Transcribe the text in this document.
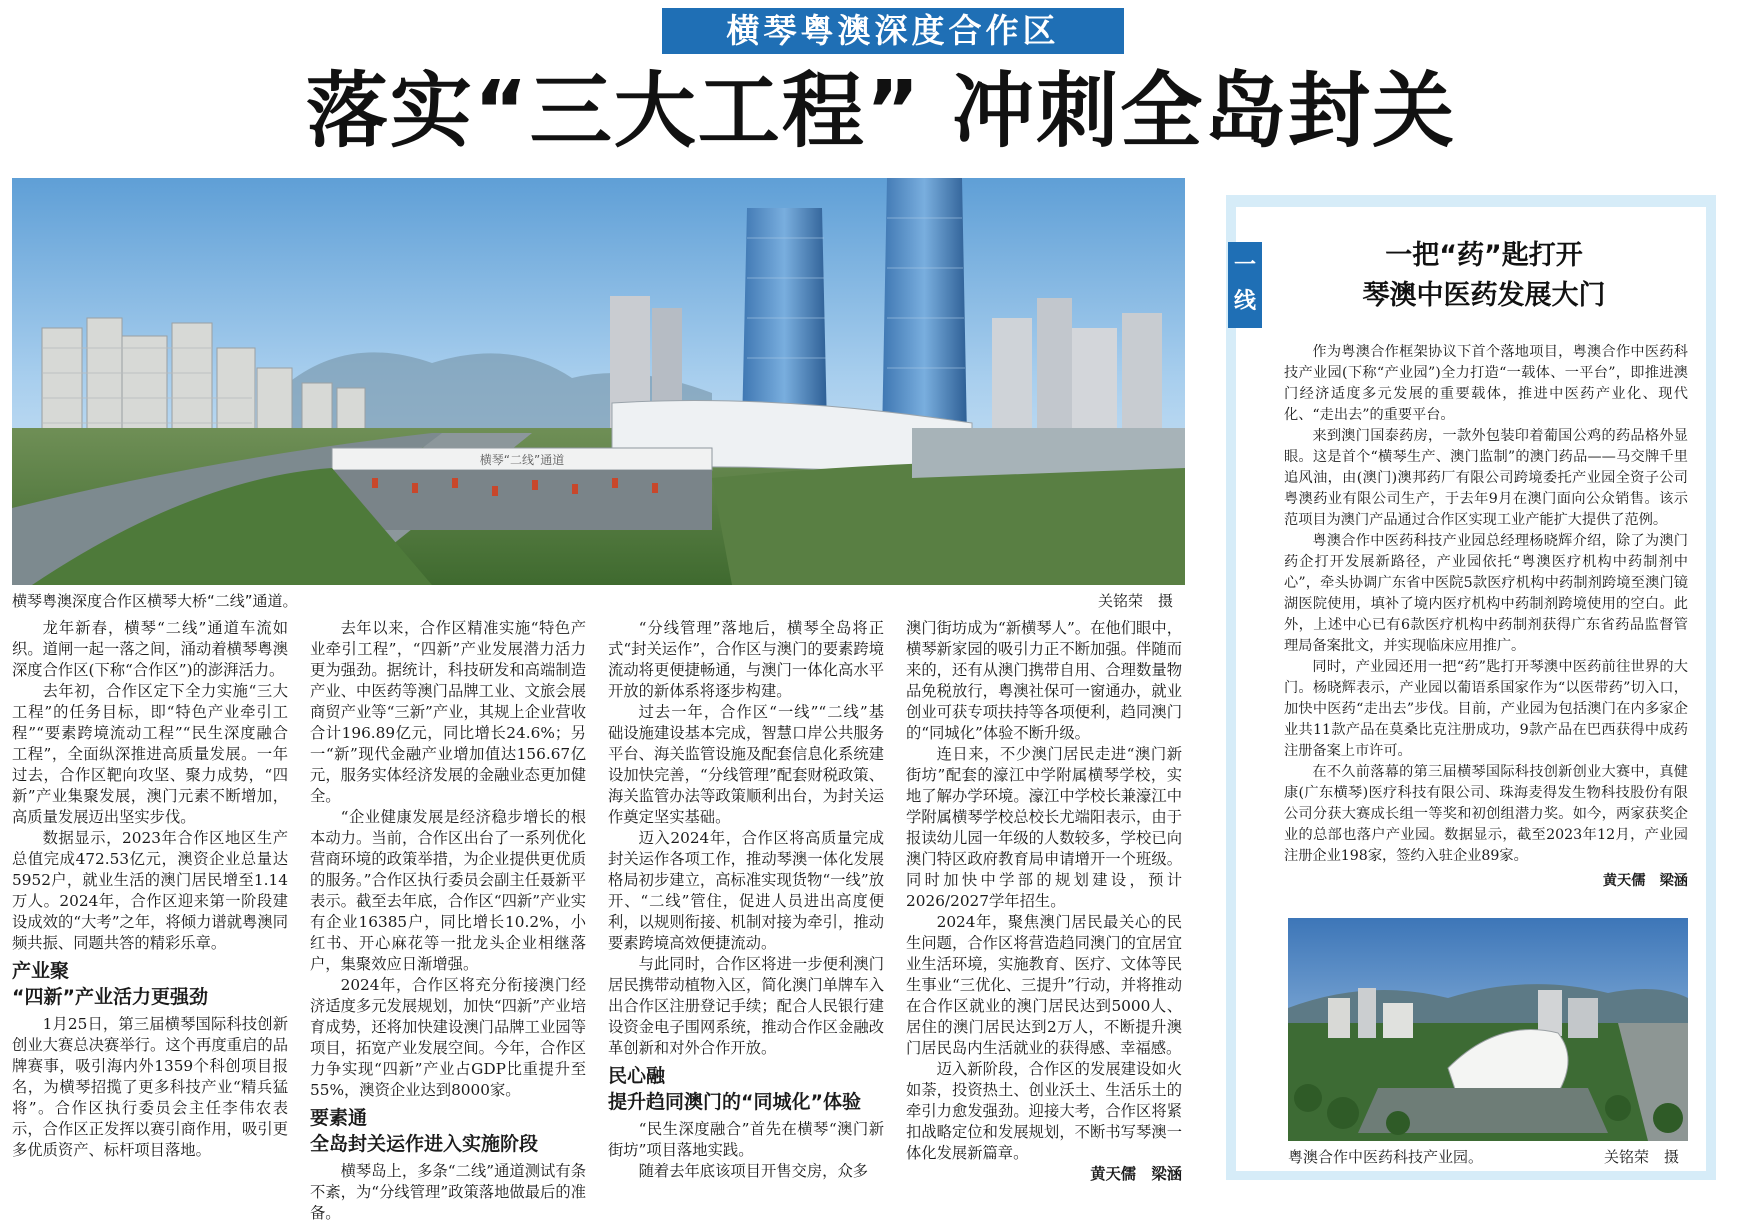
横琴粤澳深度合作区
落实“三大工程” 冲刺全岛封关
横琴“二线”通道
横琴粤澳深度合作区横琴大桥“二线”通道。	关铭荣　摄

龙年新春，横琴“二线”通道车流如织。道闸一起一落之间，涌动着横琴粤澳深度合作区(下称“合作区”)的澎湃活力。

去年初，合作区定下全力实施“三大工程”的任务目标，即“特色产业牵引工程”“要素跨境流动工程”“民生深度融合工程”，全面纵深推进高质量发展。一年过去，合作区靶向攻坚、聚力成势，“四新”产业集聚发展，澳门元素不断增加，高质量发展迈出坚实步伐。

数据显示，2023年合作区地区生产总值完成472.53亿元，澳资企业总量达5952户，就业生活的澳门居民增至1.14万人。2024年，合作区迎来第一阶段建设成效的“大考”之年，将倾力谱就粤澳同频共振、同题共答的精彩乐章。

产业聚
“四新”产业活力更强劲

1月25日，第三届横琴国际科技创新创业大赛总决赛举行。这个再度重启的品牌赛事，吸引海内外1359个科创项目报名，为横琴招揽了更多科技产业“精兵猛将”。合作区执行委员会主任李伟农表示，合作区正发挥以赛引商作用，吸引更多优质资产、标杆项目落地。

去年以来，合作区精准实施“特色产业牵引工程”，“四新”产业发展潜力活力更为强劲。据统计，科技研发和高端制造产业、中医药等澳门品牌工业、文旅会展商贸产业等“三新”产业，其规上企业营收合计196.89亿元，同比增长24.6%；另一“新”现代金融产业增加值达156.67亿元，服务实体经济发展的金融业态更加健全。

“企业健康发展是经济稳步增长的根本动力。当前，合作区出台了一系列优化营商环境的政策举措，为企业提供更优质的服务。”合作区执行委员会副主任聂新平表示。截至去年底，合作区“四新”产业实有企业16385户，同比增长10.2%，小红书、开心麻花等一批龙头企业相继落户，集聚效应日渐增强。

2024年，合作区将充分衔接澳门经济适度多元发展规划，加快“四新”产业培育成势，还将加快建设澳门品牌工业园等项目，拓宽产业发展空间。今年，合作区力争实现“四新”产业占GDP比重提升至55%，澳资企业达到8000家。

要素通
全岛封关运作进入实施阶段

横琴岛上，多条“二线”通道测试有条不紊，为“分线管理”政策落地做最后的准备。

“分线管理”落地后，横琴全岛将正式“封关运作”，合作区与澳门的要素跨境流动将更便捷畅通，与澳门一体化高水平开放的新体系将逐步构建。

过去一年，合作区“一线”“二线”基础设施建设基本完成，智慧口岸公共服务平台、海关监管设施及配套信息化系统建设加快完善，“分线管理”配套财税政策、海关监管办法等政策顺利出台，为封关运作奠定坚实基础。

迈入2024年，合作区将高质量完成封关运作各项工作，推动琴澳一体化发展格局初步建立，高标准实现货物“一线”放开、“二线”管住，促进人员进出高度便利，以规则衔接、机制对接为牵引，推动要素跨境高效便捷流动。

与此同时，合作区将进一步便利澳门居民携带动植物入区，简化澳门单牌车入出合作区注册登记手续；配合人民银行建设资金电子围网系统，推动合作区金融改革创新和对外合作开放。

民心融
提升趋同澳门的“同城化”体验

“民生深度融合”首先在横琴“澳门新街坊”项目落地实践。

随着去年底该项目开售交房，众多

澳门街坊成为“新横琴人”。在他们眼中，横琴新家园的吸引力正不断加强。伴随而来的，还有从澳门携带自用、合理数量物品免税放行，粤澳社保可一窗通办，就业创业可获专项扶持等各项便利，趋同澳门的“同城化”体验不断升级。

连日来，不少澳门居民走进“澳门新街坊”配套的濠江中学附属横琴学校，实地了解办学环境。濠江中学校长兼濠江中学附属横琴学校总校长尤端阳表示，由于报读幼儿园一年级的人数较多，学校已向澳门特区政府教育局申请增开一个班级。同时加快中学部的规划建设，预计2026/2027学年招生。

2024年，聚焦澳门居民最关心的民生问题，合作区将营造趋同澳门的宜居宜业生活环境，实施教育、医疗、文体等民生事业“三优化、三提升”行动，并将推动在合作区就业的澳门居民达到5000人、居住的澳门居民达到2万人，不断提升澳门居民岛内生活就业的获得感、幸福感。

迈入新阶段，合作区的发展建设如火如荼，投资热土、创业沃土、生活乐土的牵引力愈发强劲。迎接大考，合作区将紧扣战略定位和发展规划，不断书写琴澳一体化发展新篇章。

黄天儒　梁涵
一线
一把“药”匙打开
琴澳中医药发展大门

作为粤澳合作框架协议下首个落地项目，粤澳合作中医药科技产业园(下称“产业园”)全力打造“一载体、一平台”，即推进澳门经济适度多元发展的重要载体，推进中医药产业化、现代化、“走出去”的重要平台。

来到澳门国泰药房，一款外包装印着葡国公鸡的药品格外显眼。这是首个“横琴生产、澳门监制”的澳门药品——马交牌千里追风油，由(澳门)澳邦药厂有限公司跨境委托产业园全资子公司粤澳药业有限公司生产，于去年9月在澳门面向公众销售。该示范项目为澳门产品通过合作区实现工业产能扩大提供了范例。

粤澳合作中医药科技产业园总经理杨晓辉介绍，除了为澳门药企打开发展新路径，产业园依托“粤澳医疗机构中药制剂中心”，牵头协调广东省中医院5款医疗机构中药制剂跨境至澳门镜湖医院使用，填补了境内医疗机构中药制剂跨境使用的空白。此外，上述中心已有6款医疗机构中药制剂获得广东省药品监督管理局备案批文，并实现临床应用推广。

同时，产业园还用一把“药”匙打开琴澳中医药前往世界的大门。杨晓辉表示，产业园以葡语系国家作为“以医带药”切入口，加快中医药“走出去”步伐。目前，产业园为包括澳门在内多家企业共11款产品在莫桑比克注册成功，9款产品在巴西获得中成药注册备案上市许可。

在不久前落幕的第三届横琴国际科技创新创业大赛中，真健康(广东横琴)医疗科技有限公司、珠海麦得发生物科技股份有限公司分获大赛成长组一等奖和初创组潜力奖。如今，两家获奖企业的总部也落户产业园。数据显示，截至2023年12月，产业园注册企业198家，签约入驻企业89家。

黄天儒　梁涵
粤澳合作中医药科技产业园。	关铭荣　摄
